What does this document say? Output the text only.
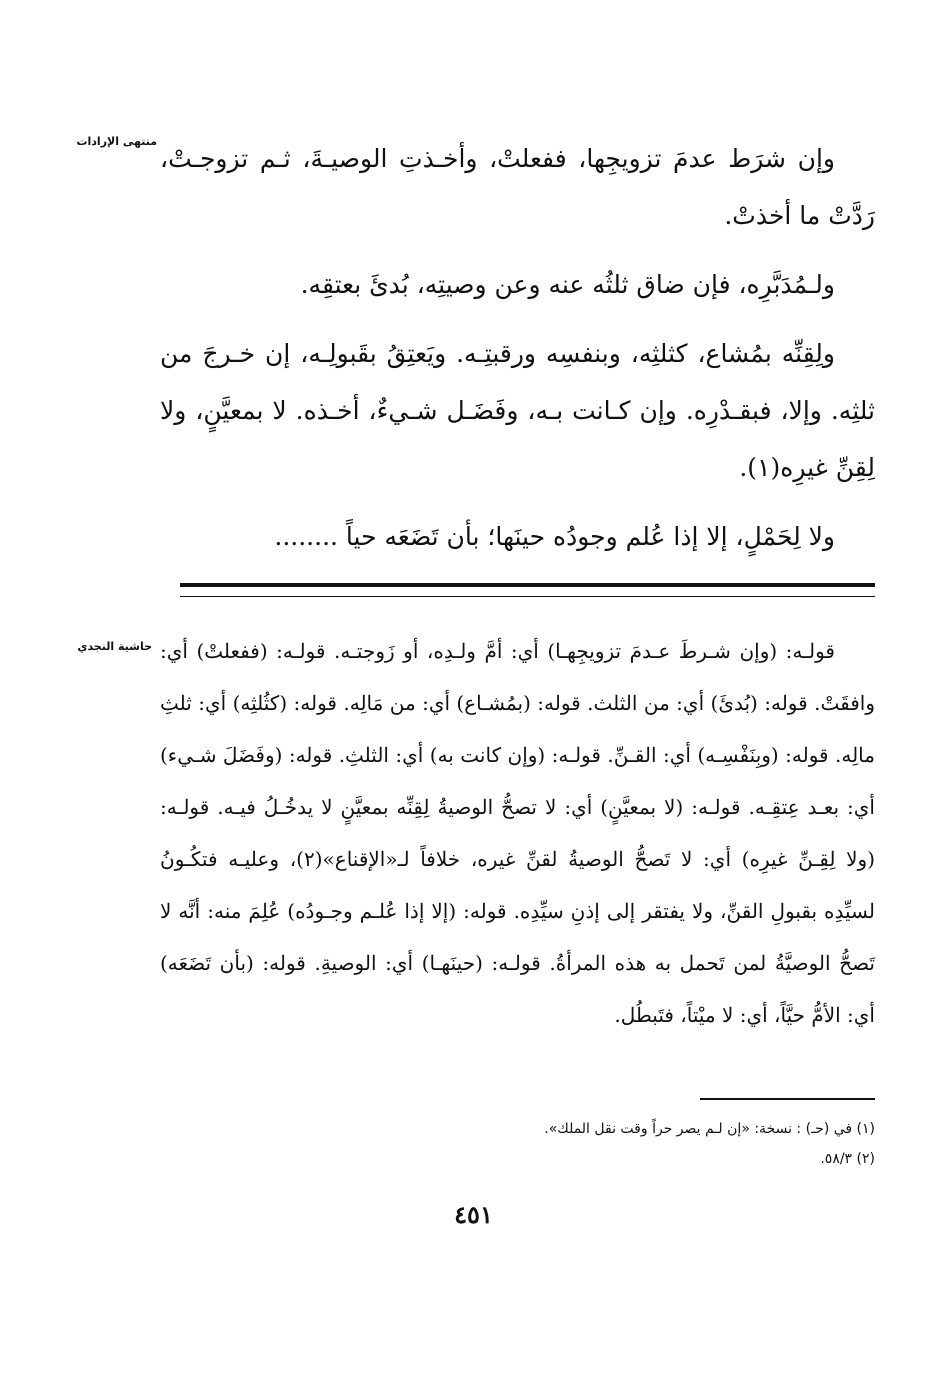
منتهى الإرادات
حاشية النجدي

وإن شرَط عدمَ تزويجِها، ففعلتْ، وأخـذتِ الوصيـةَ، ثـم تزوجـتْ، رَدَّتْ ما أخذتْ.

ولـمُدَبَّرِه، فإن ضاق ثلثُه عنه وعن وصيتِه، بُدئَ بعتقِه.

ولِقِنِّه بمُشاع، كثلثِه، وبنفسِه ورقبتِـه. ويَعتِقُ بقَبولِـه، إن خـرجَ من ثلثِه. وإلا، فبقـدْرِه. وإن كـانت بـه، وفَضَـل شـيءٌ، أخـذه. لا بمعيَّنٍ، ولا لِقِنِّ غيرِه(١).

ولا لِحَمْلٍ، إلا إذا عُلم وجودُه حينَها؛ بأن تَضَعَه حياً ........

قولـه: (وإن شـرطَ عـدمَ تزويجِهـا) أي: أمَّ ولـدِه، أو زَوجتـه. قولـه: (ففعلتْ) أي: وافقَتْ. قوله: (بُدئَ) أي: من الثلث. قوله: (بمُشـاع) أي: من مَالِه. قوله: (كثُلثِه) أي: ثلثِ مالِه. قوله: (وبِنَفْسِـه) أي: القـنِّ. قولـه: (وإن كانت به) أي: الثلثِ. قوله: (وفَضَلَ شـيء) أي: بعـد عِتقِـه. قولـه: (لا بمعيَّنٍ) أي: لا تصحُّ الوصيةُ لِقِنِّه بمعيَّنٍ لا يدخُـلُ فيـه. قولـه: (ولا لِقِـنِّ غيرِه) أي: لا تَصحُّ الوصيةُ لقنِّ غيره، خلافاً لـ«الإقناع»(٢)، وعليـه فتكُـونُ لسيِّدِه بقبولِ القنِّ، ولا يفتقر إلى إذنِ سيِّدِه. قوله: (إلا إذا عُلـم وجـودُه) عُلِمَ منه: أنَّه لا تَصحُّ الوصيَّةُ لمن تَحمل به هذه المرأةُ. قولـه: (حينَهـا) أي: الوصيةِ. قوله: (بأن تَضَعَه) أي: الأمُّ حيَّاً، أي: لا ميْتاً، فتَبطُل.

(١) في (حـ) : نسخة: «إن لـم يصر حراً وقت نقل الملك».
(٢) ٥٨/٣.
٤٥١
